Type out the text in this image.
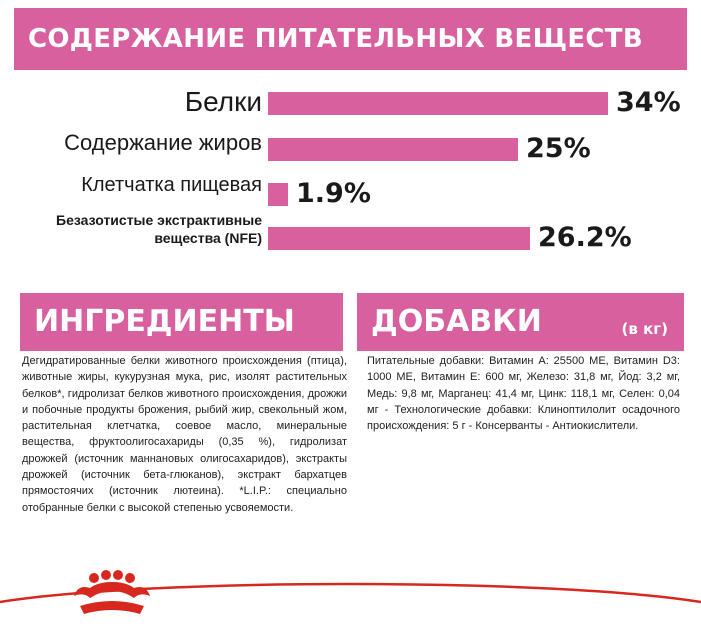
СОДЕРЖАНИЕ ПИТАТЕЛЬНЫХ ВЕЩЕСТВ
Белки	34%
Содержание жиров	25%
Клетчатка пищевая 1.9%
Безазотистые экстрактивные
вещества (NFE)	26.2%
ИНГРЕДИЕНТЫ

Дегидратированные белки животного происхождения (птица), животные жиры, кукурузная мука, рис, изолят растительных белков*, гидролизат белков животного происхождения, дрожжи и побочные продукты брожения, рыбий жир, свекольный жом, растительная клетчатка, соевое масло, минеральные вещества, фруктоолигосахариды (0,35 %), гидролизат дрожжей (источник маннановых олигосахаридов), экстракты дрожжей (источник бета-глюканов), экстракт бархатцев прямостоячих (источник лютеина). *L.I.P.: специально отобранные белки с высокой степенью усвояемости.

ДОБАВКИ	(в кг)

Питательные добавки: Витамин А: 25500 МЕ, Витамин D3: 1000 МЕ, Витамин Е: 600 мг, Железо: 31,8 мг, Йод: 3,2 мг, Медь: 9,8 мг, Марганец: 41,4 мг, Цинк: 118,1 мг, Селен: 0,04 мг - Технологические добавки: Клиноптилолит осадочного происхождения: 5 г - Консерванты - Антиокислители.
